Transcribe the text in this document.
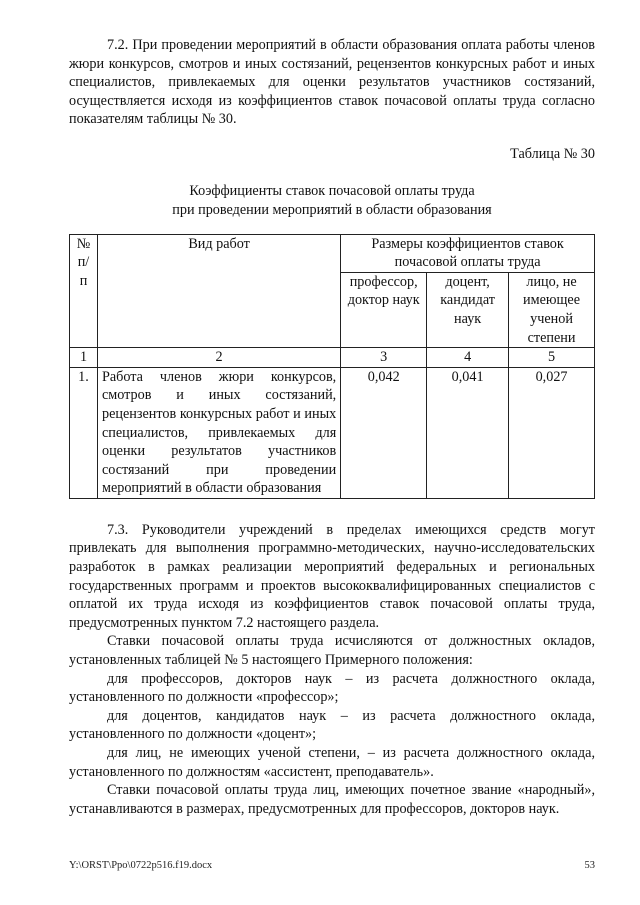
7.2. При проведении мероприятий в области образования оплата работы членов жюри конкурсов, смотров и иных состязаний, рецензентов конкурсных работ и иных специалистов, привлекаемых для оценки результатов участников состязаний, осуществляется исходя из коэффициентов ставок почасовой оплаты труда согласно показателям таблицы № 30.

Таблица № 30

Коэффициенты ставок почасовой оплаты труда
при проведении мероприятий в области образования

№ п/п	Вид работ	Размеры коэффициентов ставок почасовой оплаты труда		
		профессор, доктор наук	доцент, кандидат наук	лицо, не имеющее ученой степени
1	2	3	4	5
1.	Работа членов жюри конкурсов, смотров и иных состязаний, рецензентов конкурсных работ и иных специалистов, привлекаемых для оценки результатов участников состязаний при проведении мероприятий в области образования	0,042	0,041	0,027

7.3. Руководители учреждений в пределах имеющихся средств могут привлекать для выполнения программно-методических, научно-исследовательских разработок в рамках реализации мероприятий федеральных и региональных государственных программ и проектов высококвалифицированных специалистов с оплатой их труда исходя из коэффициентов ставок почасовой оплаты труда, предусмотренных пунктом 7.2 настоящего раздела.

Ставки почасовой оплаты труда исчисляются от должностных окладов, установленных таблицей № 5 настоящего Примерного положения:

для профессоров, докторов наук – из расчета должностного оклада, установленного по должности «профессор»;

для доцентов, кандидатов наук – из расчета должностного оклада, установленного по должности «доцент»;

для лиц, не имеющих ученой степени, – из расчета должностного оклада, установленного по должностям «ассистент, преподаватель».

Ставки почасовой оплаты труда лиц, имеющих почетное звание «народный», устанавливаются в размерах, предусмотренных для профессоров, докторов наук.

Y:\ORST\Ppo\0722p516.f19.docx	53
